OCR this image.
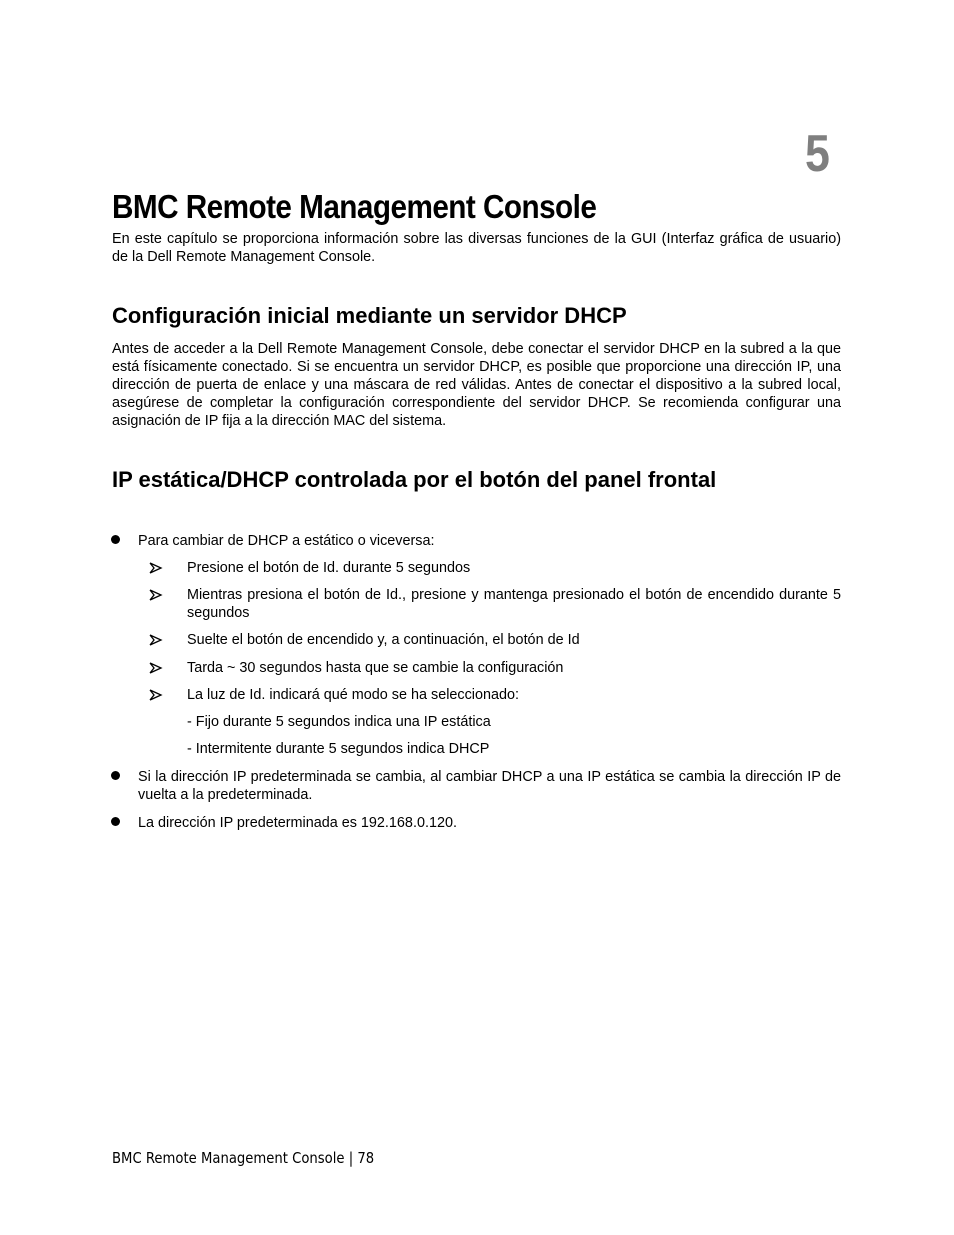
5
BMC Remote Management Console

En este capítulo se proporciona información sobre las diversas funciones de la GUI (Interfaz gráfica de usuario) de la Dell Remote Management Console.

Configuración inicial mediante un servidor DHCP

Antes de acceder a la Dell Remote Management Console, debe conectar el servidor DHCP en la subred a la que está físicamente conectado. Si se encuentra un servidor DHCP, es posible que proporcione una dirección IP, una dirección de puerta de enlace y una máscara de red válidas. Antes de conectar el dispositivo a la subred local, asegúrese de completar la configuración correspondiente del servidor DHCP. Se recomienda configurar una asignación de IP fija a la dirección MAC del sistema.

IP estática/DHCP controlada por el botón del panel frontal
Para cambiar de DHCP a estático o viceversa:
Presione el botón de Id. durante 5 segundos
Mientras presiona el botón de Id., presione y mantenga presionado el botón de encendido durante 5 segundos
Suelte el botón de encendido y, a continuación, el botón de Id
Tarda ~ 30 segundos hasta que se cambie la configuración
La luz de Id. indicará qué modo se ha seleccionado:
- Fijo durante 5 segundos indica una IP estática
- Intermitente durante 5 segundos indica DHCP
Si la dirección IP predeterminada se cambia, al cambiar DHCP a una IP estática se cambia la dirección IP de vuelta a la predeterminada.
La dirección IP predeterminada es 192.168.0.120.
BMC Remote Management Console | 78
